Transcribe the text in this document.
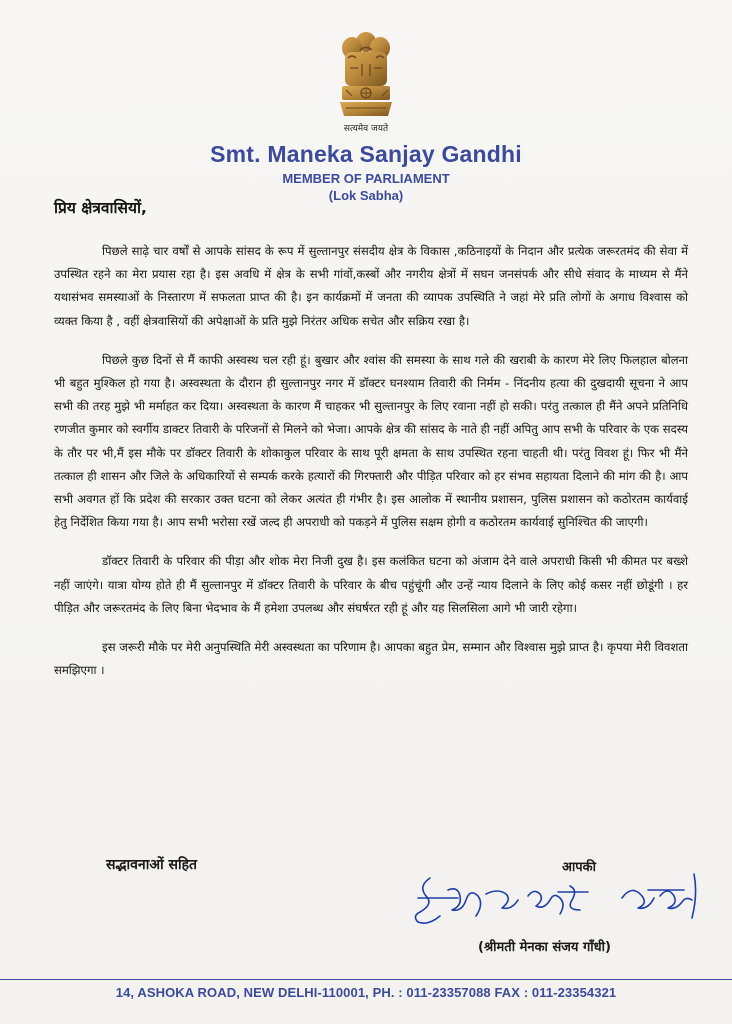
सत्यमेव जयते
Smt. Maneka Sanjay Gandhi
MEMBER OF PARLIAMENT
(Lok Sabha)
प्रिय क्षेत्रवासियों,

पिछले साढ़े चार वर्षों से आपके सांसद के रूप में सुल्तानपुर संसदीय क्षेत्र के विकास ,कठिनाइयों के निदान और प्रत्येक जरूरतमंद की सेवा में उपस्थित रहने का मेरा प्रयास रहा है। इस अवधि में क्षेत्र के सभी गांवों,कस्बों और नगरीय क्षेत्रों में सघन जनसंपर्क और सीधे संवाद के माध्यम से मैंने यथासंभव समस्याओं के निस्तारण में सफलता प्राप्त की है। इन कार्यक्रमों में जनता की व्यापक उपस्थिति ने जहां मेरे प्रति लोगों के अगाध विश्वास को व्यक्त किया है , वहीं क्षेत्रवासियों की अपेक्षाओं के प्रति मुझे निरंतर अधिक सचेत और सक्रिय रखा है।

पिछले कुछ दिनों से मैं काफी अस्वस्थ चल रही हूं। बुखार और श्वांस की समस्या के साथ गले की खराबी के कारण मेरे लिए फिलहाल बोलना भी बहुत मुश्किल हो गया है। अस्वस्थता के दौरान ही सुल्तानपुर नगर में डॉक्टर घनश्याम तिवारी की निर्मम - निंदनीय हत्या की दुखदायी सूचना ने आप सभी की तरह मुझे भी मर्माहत कर दिया। अस्वस्थता के कारण मैं चाहकर भी सुल्तानपुर के लिए रवाना नहीं हो सकी। परंतु तत्काल ही मैंने अपने प्रतिनिधि रणजीत कुमार को स्वर्गीय डाक्टर तिवारी के परिजनों से मिलने को भेजा। आपके क्षेत्र की सांसद के नाते ही नहीं अपितु आप सभी के परिवार के एक सदस्य के तौर पर भी,मैं इस मौके पर डॉक्टर तिवारी के शोकाकुल परिवार के साथ पूरी क्षमता के साथ उपस्थित रहना चाहती थी। परंतु विवश हूं। फिर भी मैंने तत्काल ही शासन और जिले के अधिकारियों से सम्पर्क करके हत्यारों की गिरफ्तारी और पीड़ित परिवार को हर संभव सहायता दिलाने की मांग की है। आप सभी अवगत हों कि प्रदेश की सरकार उक्त घटना को लेकर अत्यंत ही गंभीर है। इस आलोक में स्थानीय प्रशासन, पुलिस प्रशासन को कठोरतम कार्यवाई हेतु निर्देशित किया गया है। आप सभी भरोसा रखें जल्द ही अपराधी को पकड़ने में पुलिस सक्षम होगी व कठोरतम कार्यवाई सुनिश्चित की जाएगी।

डॉक्टर तिवारी के परिवार की पीड़ा और शोक मेरा निजी दुख है। इस कलंकित घटना को अंजाम देने वाले अपराधी किसी भी कीमत पर बख्शे नहीं जाएंगे। यात्रा योग्य होते ही मैं सुल्तानपुर में डॉक्टर तिवारी के परिवार के बीच पहुंचूंगी और उन्हें न्याय दिलाने के लिए कोई कसर नहीं छोडूंगी । हर पीड़ित और जरूरतमंद के लिए बिना भेदभाव के मैं हमेशा उपलब्ध और संघर्षरत रही हूं और यह सिलसिला आगे भी जारी रहेगा।

इस जरूरी मौके पर मेरी अनुपस्थिति मेरी अस्वस्थता का परिणाम है। आपका बहुत प्रेम, सम्मान और विश्वास मुझे प्राप्त है। कृपया मेरी विवशता समझिएगा ।

सद्भावनाओं सहित	आपकी
(श्रीमती मेनका संजय गाँधी)
14, ASHOKA ROAD, NEW DELHI-110001, PH. : 011-23357088 FAX : 011-23354321
